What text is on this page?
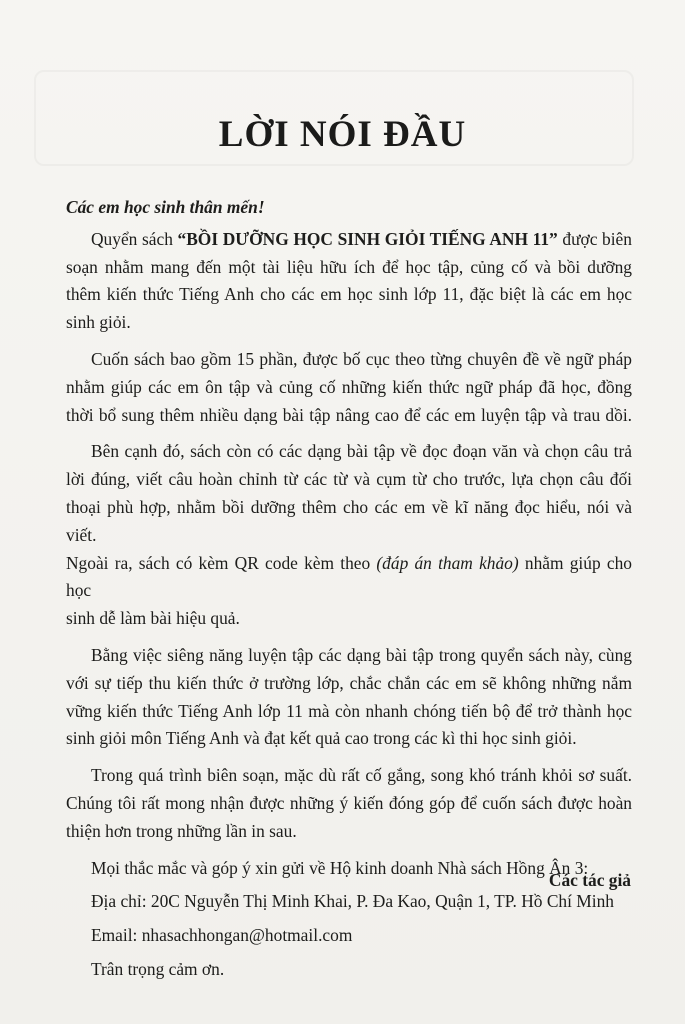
LỜI NÓI ĐẦU

Các em học sinh thân mến!

Quyển sách “BỒI DƯỠNG HỌC SINH GIỎI TIẾNG ANH 11” được biên
soạn nhằm mang đến một tài liệu hữu ích để học tập, củng cố và bồi dưỡng
thêm kiến thức Tiếng Anh cho các em học sinh lớp 11, đặc biệt là các em học
sinh giỏi.

Cuốn sách bao gồm 15 phần, được bố cục theo từng chuyên đề về ngữ pháp
nhằm giúp các em ôn tập và củng cố những kiến thức ngữ pháp đã học, đồng
thời bổ sung thêm nhiều dạng bài tập nâng cao để các em luyện tập và trau dồi.

Bên cạnh đó, sách còn có các dạng bài tập về đọc đoạn văn và chọn câu trả
lời đúng, viết câu hoàn chỉnh từ các từ và cụm từ cho trước, lựa chọn câu đối
thoại phù hợp, nhằm bồi dưỡng thêm cho các em về kĩ năng đọc hiểu, nói và viết.
Ngoài ra, sách có kèm QR code kèm theo (đáp án tham khảo) nhằm giúp cho học
sinh dễ làm bài hiệu quả.

Bằng việc siêng năng luyện tập các dạng bài tập trong quyển sách này, cùng
với sự tiếp thu kiến thức ở trường lớp, chắc chắn các em sẽ không những nắm
vững kiến thức Tiếng Anh lớp 11 mà còn nhanh chóng tiến bộ để trở thành học
sinh giỏi môn Tiếng Anh và đạt kết quả cao trong các kì thi học sinh giỏi.

Trong quá trình biên soạn, mặc dù rất cố gắng, song khó tránh khỏi sơ suất.
Chúng tôi rất mong nhận được những ý kiến đóng góp để cuốn sách được hoàn
thiện hơn trong những lần in sau.

Mọi thắc mắc và góp ý xin gửi về Hộ kinh doanh Nhà sách Hồng Ân 3:
Địa chỉ: 20C Nguyễn Thị Minh Khai, P. Đa Kao, Quận 1, TP. Hồ Chí Minh
Email: nhasachhongan@hotmail.com
Trân trọng cảm ơn.
Các tác giả
